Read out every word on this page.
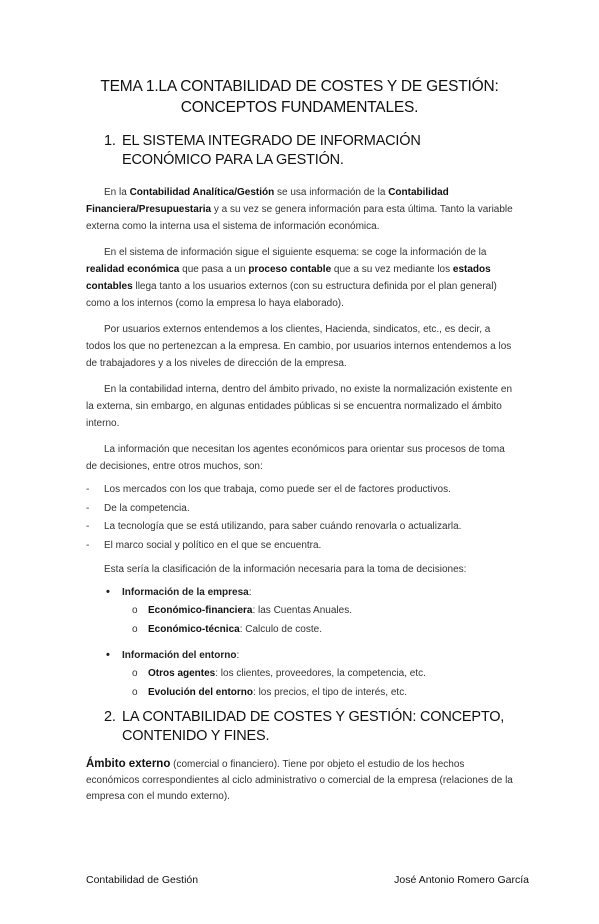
TEMA 1.LA CONTABILIDAD DE COSTES Y DE GESTIÓN:
CONCEPTOS FUNDAMENTALES.
1. EL SISTEMA INTEGRADO DE INFORMACIÓN ECONÓMICO PARA LA GESTIÓN.

En la Contabilidad Analítica/Gestión se usa información de la Contabilidad Financiera/Presupuestaria y a su vez se genera información para esta última. Tanto la variable externa como la interna usa el sistema de información económica.

En el sistema de información sigue el siguiente esquema: se coge la información de la realidad económica que pasa a un proceso contable que a su vez mediante los estados contables llega tanto a los usuarios externos (con su estructura definida por el plan general) como a los internos (como la empresa lo haya elaborado).

Por usuarios externos entendemos a los clientes, Hacienda, sindicatos, etc., es decir, a todos los que no pertenezcan a la empresa. En cambio, por usuarios internos entendemos a los de trabajadores y a los niveles de dirección de la empresa.

En la contabilidad interna, dentro del ámbito privado, no existe la normalización existente en la externa, sin embargo, en algunas entidades públicas si se encuentra normalizado el ámbito interno.

La información que necesitan los agentes económicos para orientar sus procesos de toma de decisiones, entre otros muchos, son:

-	Los mercados con los que trabaja, como puede ser el de factores productivos.
-	De la competencia.
-	La tecnología que se está utilizando, para saber cuándo renovarla o actualizarla.
-	El marco social y político en el que se encuentra.

Esta sería la clasificación de la información necesaria para la toma de decisiones:

•	Información de la empresa:
o	Económico-financiera: las Cuentas Anuales.
o	Económico-técnica: Calculo de coste.
•	Información del entorno:
o	Otros agentes: los clientes, proveedores, la competencia, etc.
o	Evolución del entorno: los precios, el tipo de interés, etc.
2. LA CONTABILIDAD DE COSTES Y GESTIÓN: CONCEPTO, CONTENIDO Y FINES.

Ámbito externo (comercial o financiero). Tiene por objeto el estudio de los hechos económicos correspondientes al ciclo administrativo o comercial de la empresa (relaciones de la empresa con el mundo externo).

Contabilidad de Gestión	José Antonio Romero García
